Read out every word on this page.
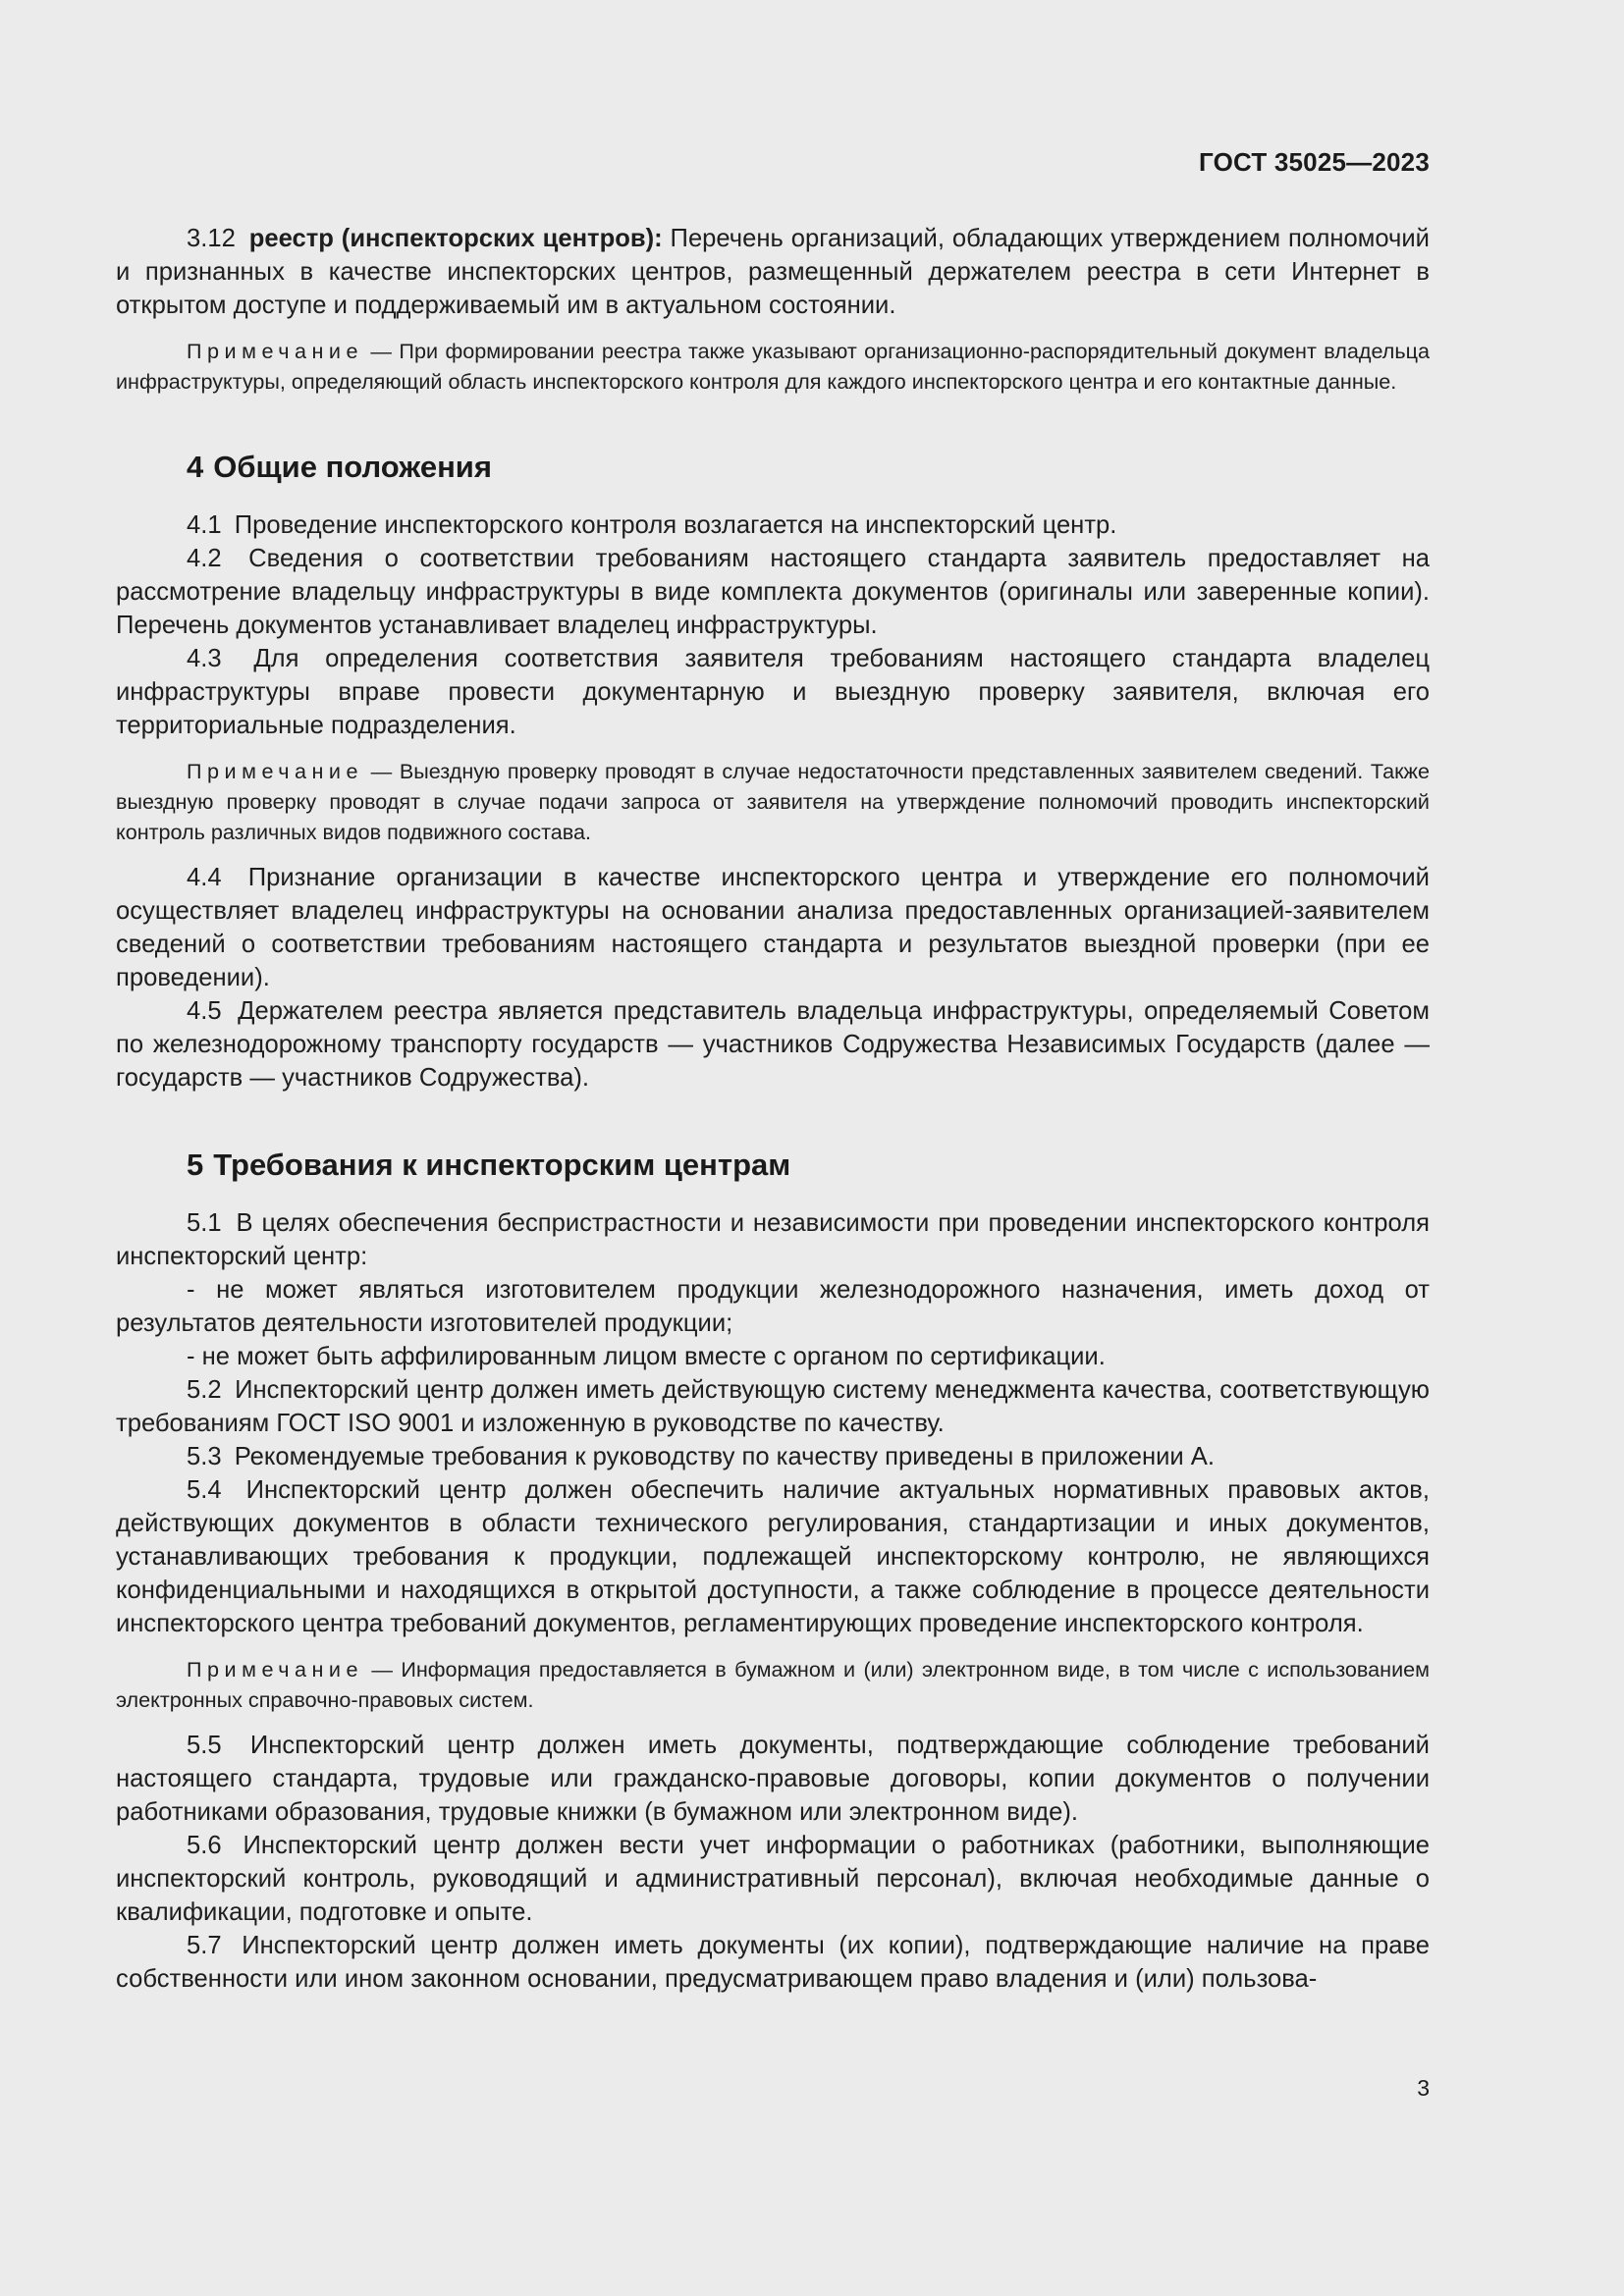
ГОСТ 35025—2023

3.12 реестр (инспекторских центров): Перечень организаций, обладающих утверждением полномочий и признанных в качестве инспекторских центров, размещенный держателем реестра в сети Интернет в открытом доступе и поддерживаемый им в актуальном состоянии.

Примечание — При формировании реестра также указывают организационно-распорядительный документ владельца инфраструктуры, определяющий область инспекторского контроля для каждого инспекторского центра и его контактные данные.

4 Общие положения

4.1 Проведение инспекторского контроля возлагается на инспекторский центр.

4.2 Сведения о соответствии требованиям настоящего стандарта заявитель предоставляет на рассмотрение владельцу инфраструктуры в виде комплекта документов (оригиналы или заверенные копии). Перечень документов устанавливает владелец инфраструктуры.

4.3 Для определения соответствия заявителя требованиям настоящего стандарта владелец инфраструктуры вправе провести документарную и выездную проверку заявителя, включая его территориальные подразделения.

Примечание — Выездную проверку проводят в случае недостаточности представленных заявителем сведений. Также выездную проверку проводят в случае подачи запроса от заявителя на утверждение полномочий проводить инспекторский контроль различных видов подвижного состава.

4.4 Признание организации в качестве инспекторского центра и утверждение его полномочий осуществляет владелец инфраструктуры на основании анализа предоставленных организацией-заявителем сведений о соответствии требованиям настоящего стандарта и результатов выездной проверки (при ее проведении).

4.5 Держателем реестра является представитель владельца инфраструктуры, определяемый Советом по железнодорожному транспорту государств — участников Содружества Независимых Государств (далее — государств — участников Содружества).

5 Требования к инспекторским центрам

5.1 В целях обеспечения беспристрастности и независимости при проведении инспекторского контроля инспекторский центр:

- не может являться изготовителем продукции железнодорожного назначения, иметь доход от результатов деятельности изготовителей продукции;

- не может быть аффилированным лицом вместе с органом по сертификации.

5.2 Инспекторский центр должен иметь действующую систему менеджмента качества, соответствующую требованиям ГОСТ ISO 9001 и изложенную в руководстве по качеству.

5.3 Рекомендуемые требования к руководству по качеству приведены в приложении А.

5.4 Инспекторский центр должен обеспечить наличие актуальных нормативных правовых актов, действующих документов в области технического регулирования, стандартизации и иных документов, устанавливающих требования к продукции, подлежащей инспекторскому контролю, не являющихся конфиденциальными и находящихся в открытой доступности, а также соблюдение в процессе деятельности инспекторского центра требований документов, регламентирующих проведение инспекторского контроля.

Примечание — Информация предоставляется в бумажном и (или) электронном виде, в том числе с использованием электронных справочно-правовых систем.

5.5 Инспекторский центр должен иметь документы, подтверждающие соблюдение требований настоящего стандарта, трудовые или гражданско-правовые договоры, копии документов о получении работниками образования, трудовые книжки (в бумажном или электронном виде).

5.6 Инспекторский центр должен вести учет информации о работниках (работники, выполняющие инспекторский контроль, руководящий и административный персонал), включая необходимые данные о квалификации, подготовке и опыте.

5.7 Инспекторский центр должен иметь документы (их копии), подтверждающие наличие на праве собственности или ином законном основании, предусматривающем право владения и (или) пользова-

3
